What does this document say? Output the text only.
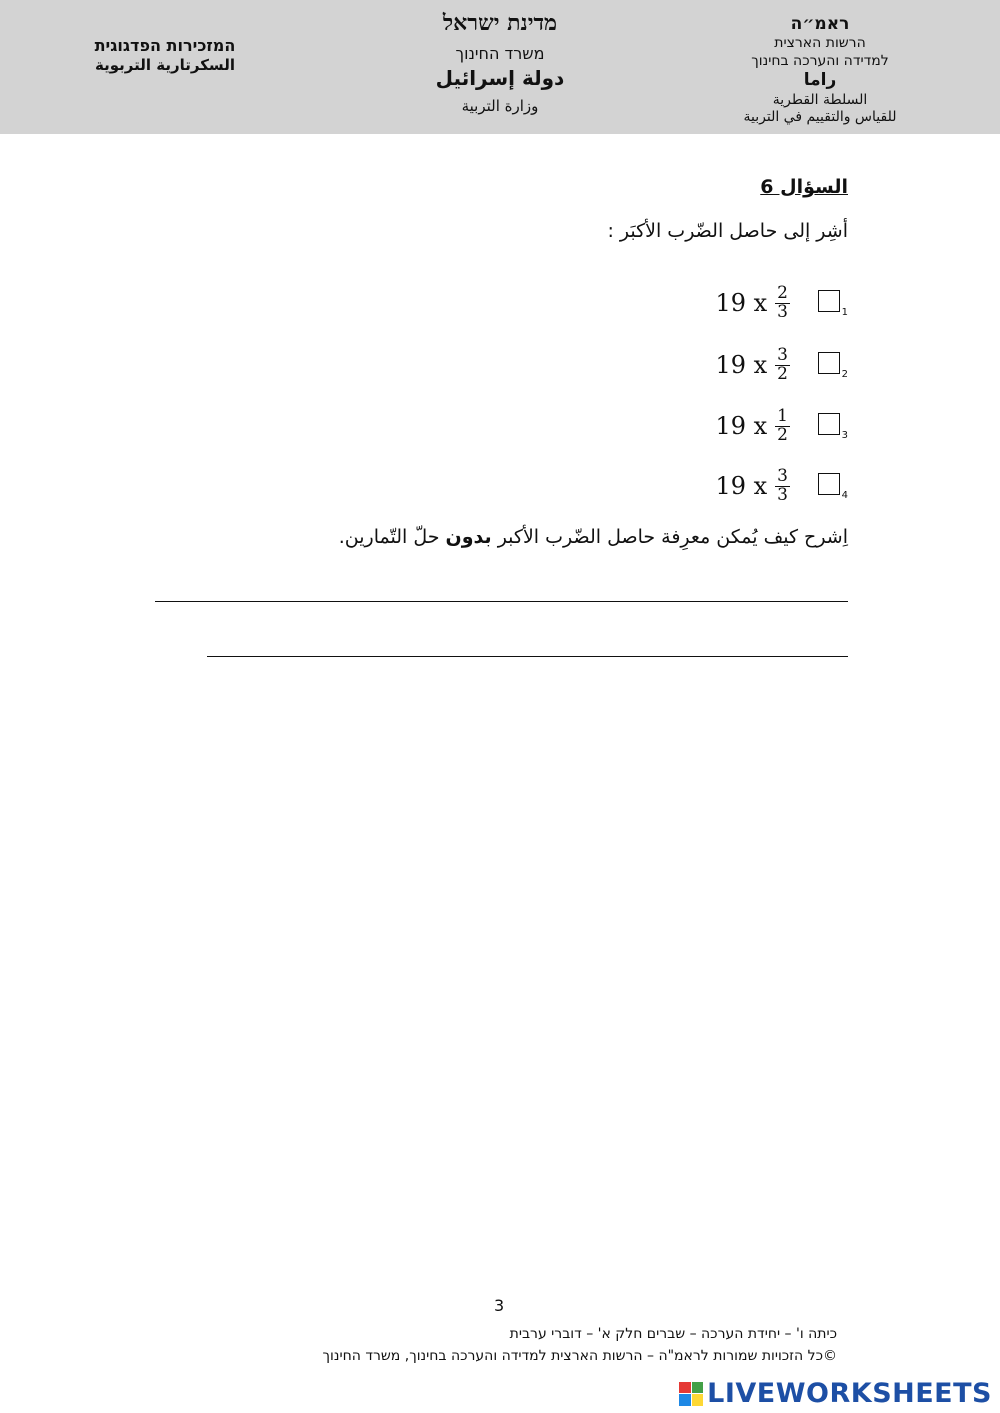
ראמ״ה
הרשות הארצית
למדידה והערכה בחינוך
راما
السلطة القطرية
للقياس والتقييم في التربية
מדינת ישראל
משרד החינוך
دولة إسرائيل
وزارة التربية
המזכירות הפדגוגית
السكرتارية التربوية
السؤال 6
أشِر إلى حاصل الضّرب الأكبَر :
1
19 x $\frac{2}{3}$
2
19 x $\frac{3}{2}$
3
19 x $\frac{1}{2}$
4
19 x $\frac{3}{3}$
اِشرح كيف يُمكن معرِفة حاصل الضّرب الأكبر بدون حلّ التّمارين.
3
כיתה ו' – יחידת הערכה – שברים חלק א' – דוברי ערבית
©כל הזכויות שמורות לראמ"ה – הרשות הארצית למדידה והערכה בחינוך, משרד החינוך
LIVEWORKSHEETS
